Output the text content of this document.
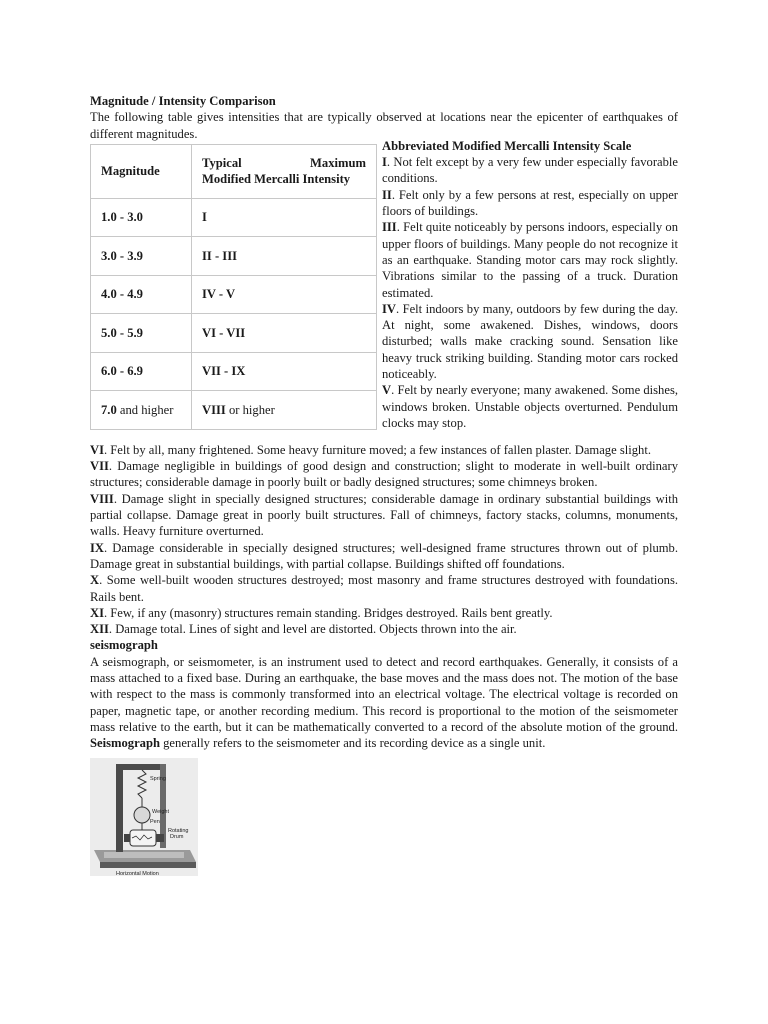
Magnitude / Intensity Comparison

The following table gives intensities that are typically observed at locations near the epicenter of earthquakes of different magnitudes.

Magnitude	Typical Maximum
Modified Mercalli Intensity

1.0 - 3.0	I
3.0 - 3.9	II - III
4.0 - 4.9	IV - V
5.0 - 5.9	VI - VII
6.0 - 6.9	VII - IX
7.0 and higher	VIII or higher
Abbreviated Modified Mercalli Intensity Scale

I. Not felt except by a very few under especially favorable conditions.

II. Felt only by a few persons at rest, especially on upper floors of buildings.

III. Felt quite noticeably by persons indoors, especially on upper floors of buildings. Many people do not recognize it as an earthquake. Standing motor cars may rock slightly. Vibrations similar to the passing of a truck. Duration estimated.

IV. Felt indoors by many, outdoors by few during the day. At night, some awakened. Dishes, windows, doors disturbed; walls make cracking sound. Sensation like heavy truck striking building. Standing motor cars rocked noticeably.

V. Felt by nearly everyone; many awakened. Some dishes, windows broken. Unstable objects overturned. Pendulum clocks may stop.

VI. Felt by all, many frightened. Some heavy furniture moved; a few instances of fallen plaster. Damage slight.

VII. Damage negligible in buildings of good design and construction; slight to moderate in well-built ordinary structures; considerable damage in poorly built or badly designed structures; some chimneys broken.

VIII. Damage slight in specially designed structures; considerable damage in ordinary substantial buildings with partial collapse. Damage great in poorly built structures. Fall of chimneys, factory stacks, columns, monuments, walls. Heavy furniture overturned.

IX. Damage considerable in specially designed structures; well-designed frame structures thrown out of plumb. Damage great in substantial buildings, with partial collapse. Buildings shifted off foundations.

X. Some well-built wooden structures destroyed; most masonry and frame structures destroyed with foundations. Rails bent.

XI. Few, if any (masonry) structures remain standing. Bridges destroyed. Rails bent greatly.

XII. Damage total. Lines of sight and level are distorted. Objects thrown into the air.

seismograph

A seismograph, or seismometer, is an instrument used to detect and record earthquakes. Generally, it consists of a mass attached to a fixed base. During an earthquake, the base moves and the mass does not. The motion of the base with respect to the mass is commonly transformed into an electrical voltage. The electrical voltage is recorded on paper, magnetic tape, or another recording medium. This record is proportional to the motion of the seismometer mass relative to the earth, but it can be mathematically converted to a record of the absolute motion of the ground. Seismograph generally refers to the seismometer and its recording device as a single unit.

Spring
Weight
Pen
Rotating
Drum
Horizontal Motion
